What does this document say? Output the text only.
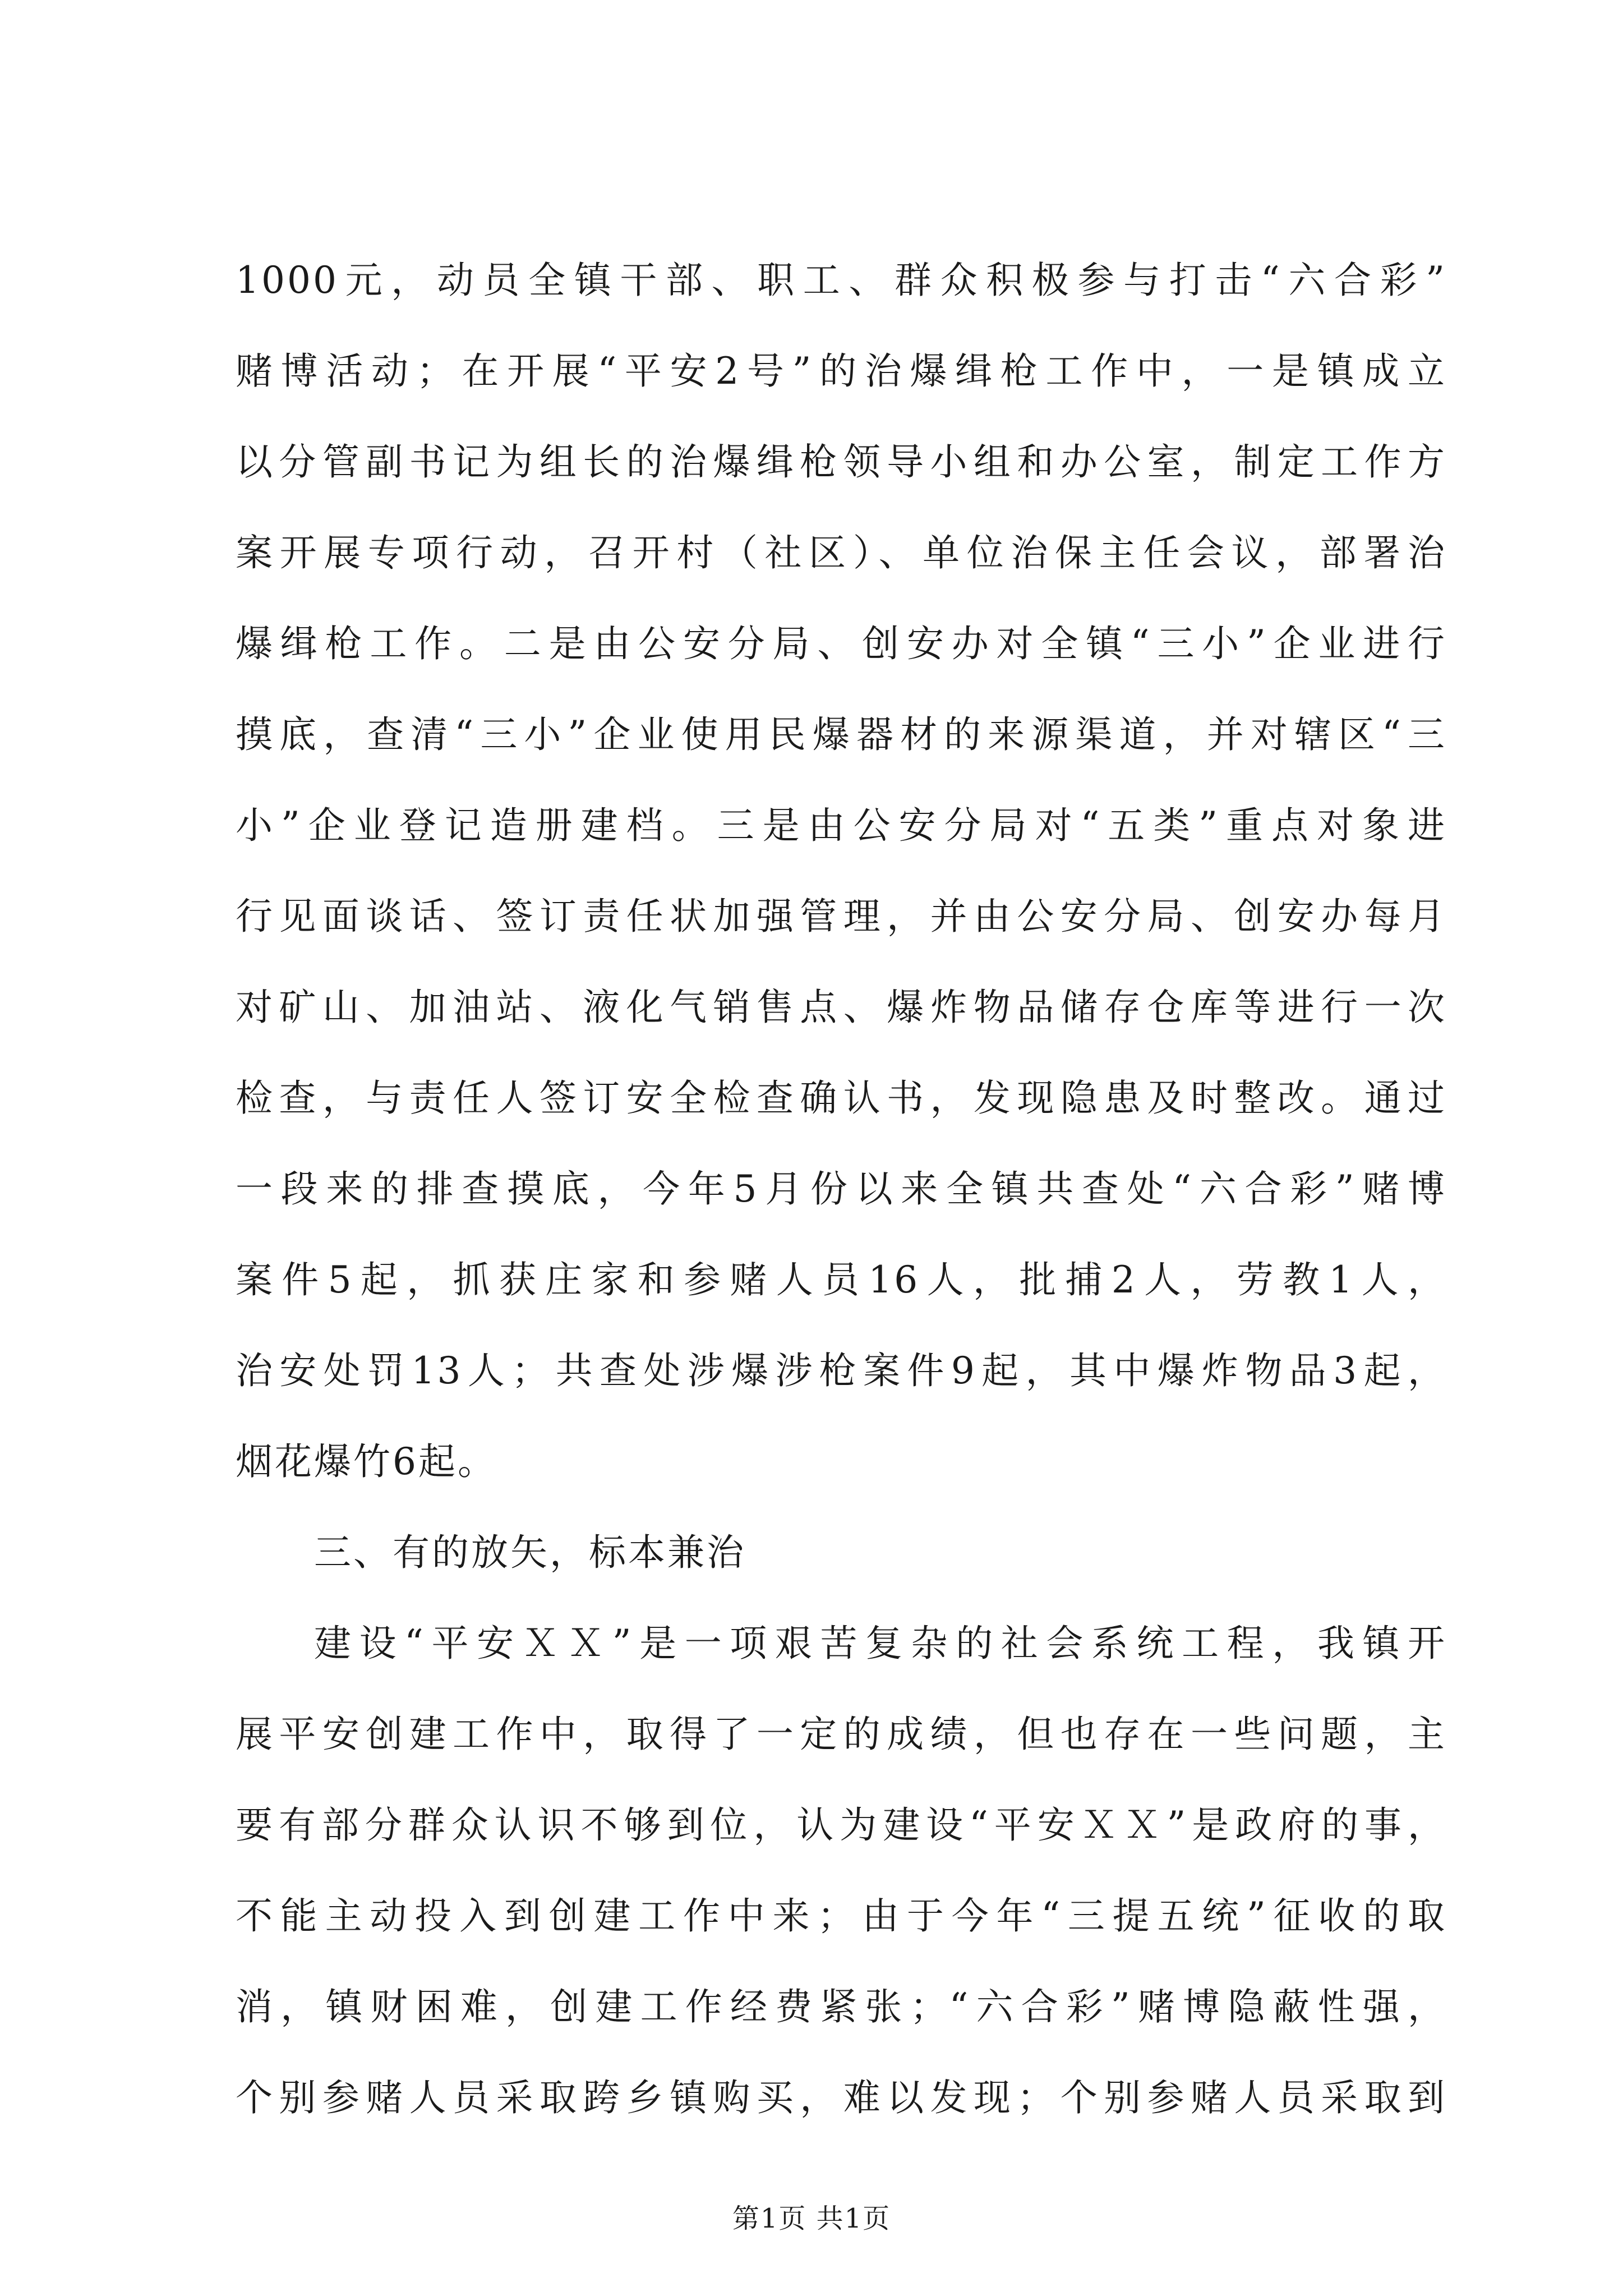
1000元，动员全镇干部、职工、群众积极参与打击“六合彩”
赌博活动；在开展“平安2号”的治爆缉枪工作中，一是镇成立
以分管副书记为组长的治爆缉枪领导小组和办公室，制定工作方
案开展专项行动，召开村（社区）、单位治保主任会议，部署治
爆缉枪工作。二是由公安分局、创安办对全镇“三小”企业进行
摸底，查清“三小”企业使用民爆器材的来源渠道，并对辖区“三
小”企业登记造册建档。三是由公安分局对“五类”重点对象进
行见面谈话、签订责任状加强管理，并由公安分局、创安办每月
对矿山、加油站、液化气销售点、爆炸物品储存仓库等进行一次
检查，与责任人签订安全检查确认书，发现隐患及时整改。通过
一段来的排查摸底，今年5月份以来全镇共查处“六合彩”赌博
案件5起，抓获庄家和参赌人员16人，批捕2人，劳教1人，
治安处罚13人；共查处涉爆涉枪案件9起，其中爆炸物品3起，
烟花爆竹6起。
三、有的放矢，标本兼治
建设“平安ＸＸ”是一项艰苦复杂的社会系统工程，我镇开
展平安创建工作中，取得了一定的成绩，但也存在一些问题，主
要有部分群众认识不够到位，认为建设“平安ＸＸ”是政府的事，
不能主动投入到创建工作中来；由于今年“三提五统”征收的取
消，镇财困难，创建工作经费紧张；“六合彩”赌博隐蔽性强，
个别参赌人员采取跨乡镇购买，难以发现；个别参赌人员采取到
第1页 共1页
